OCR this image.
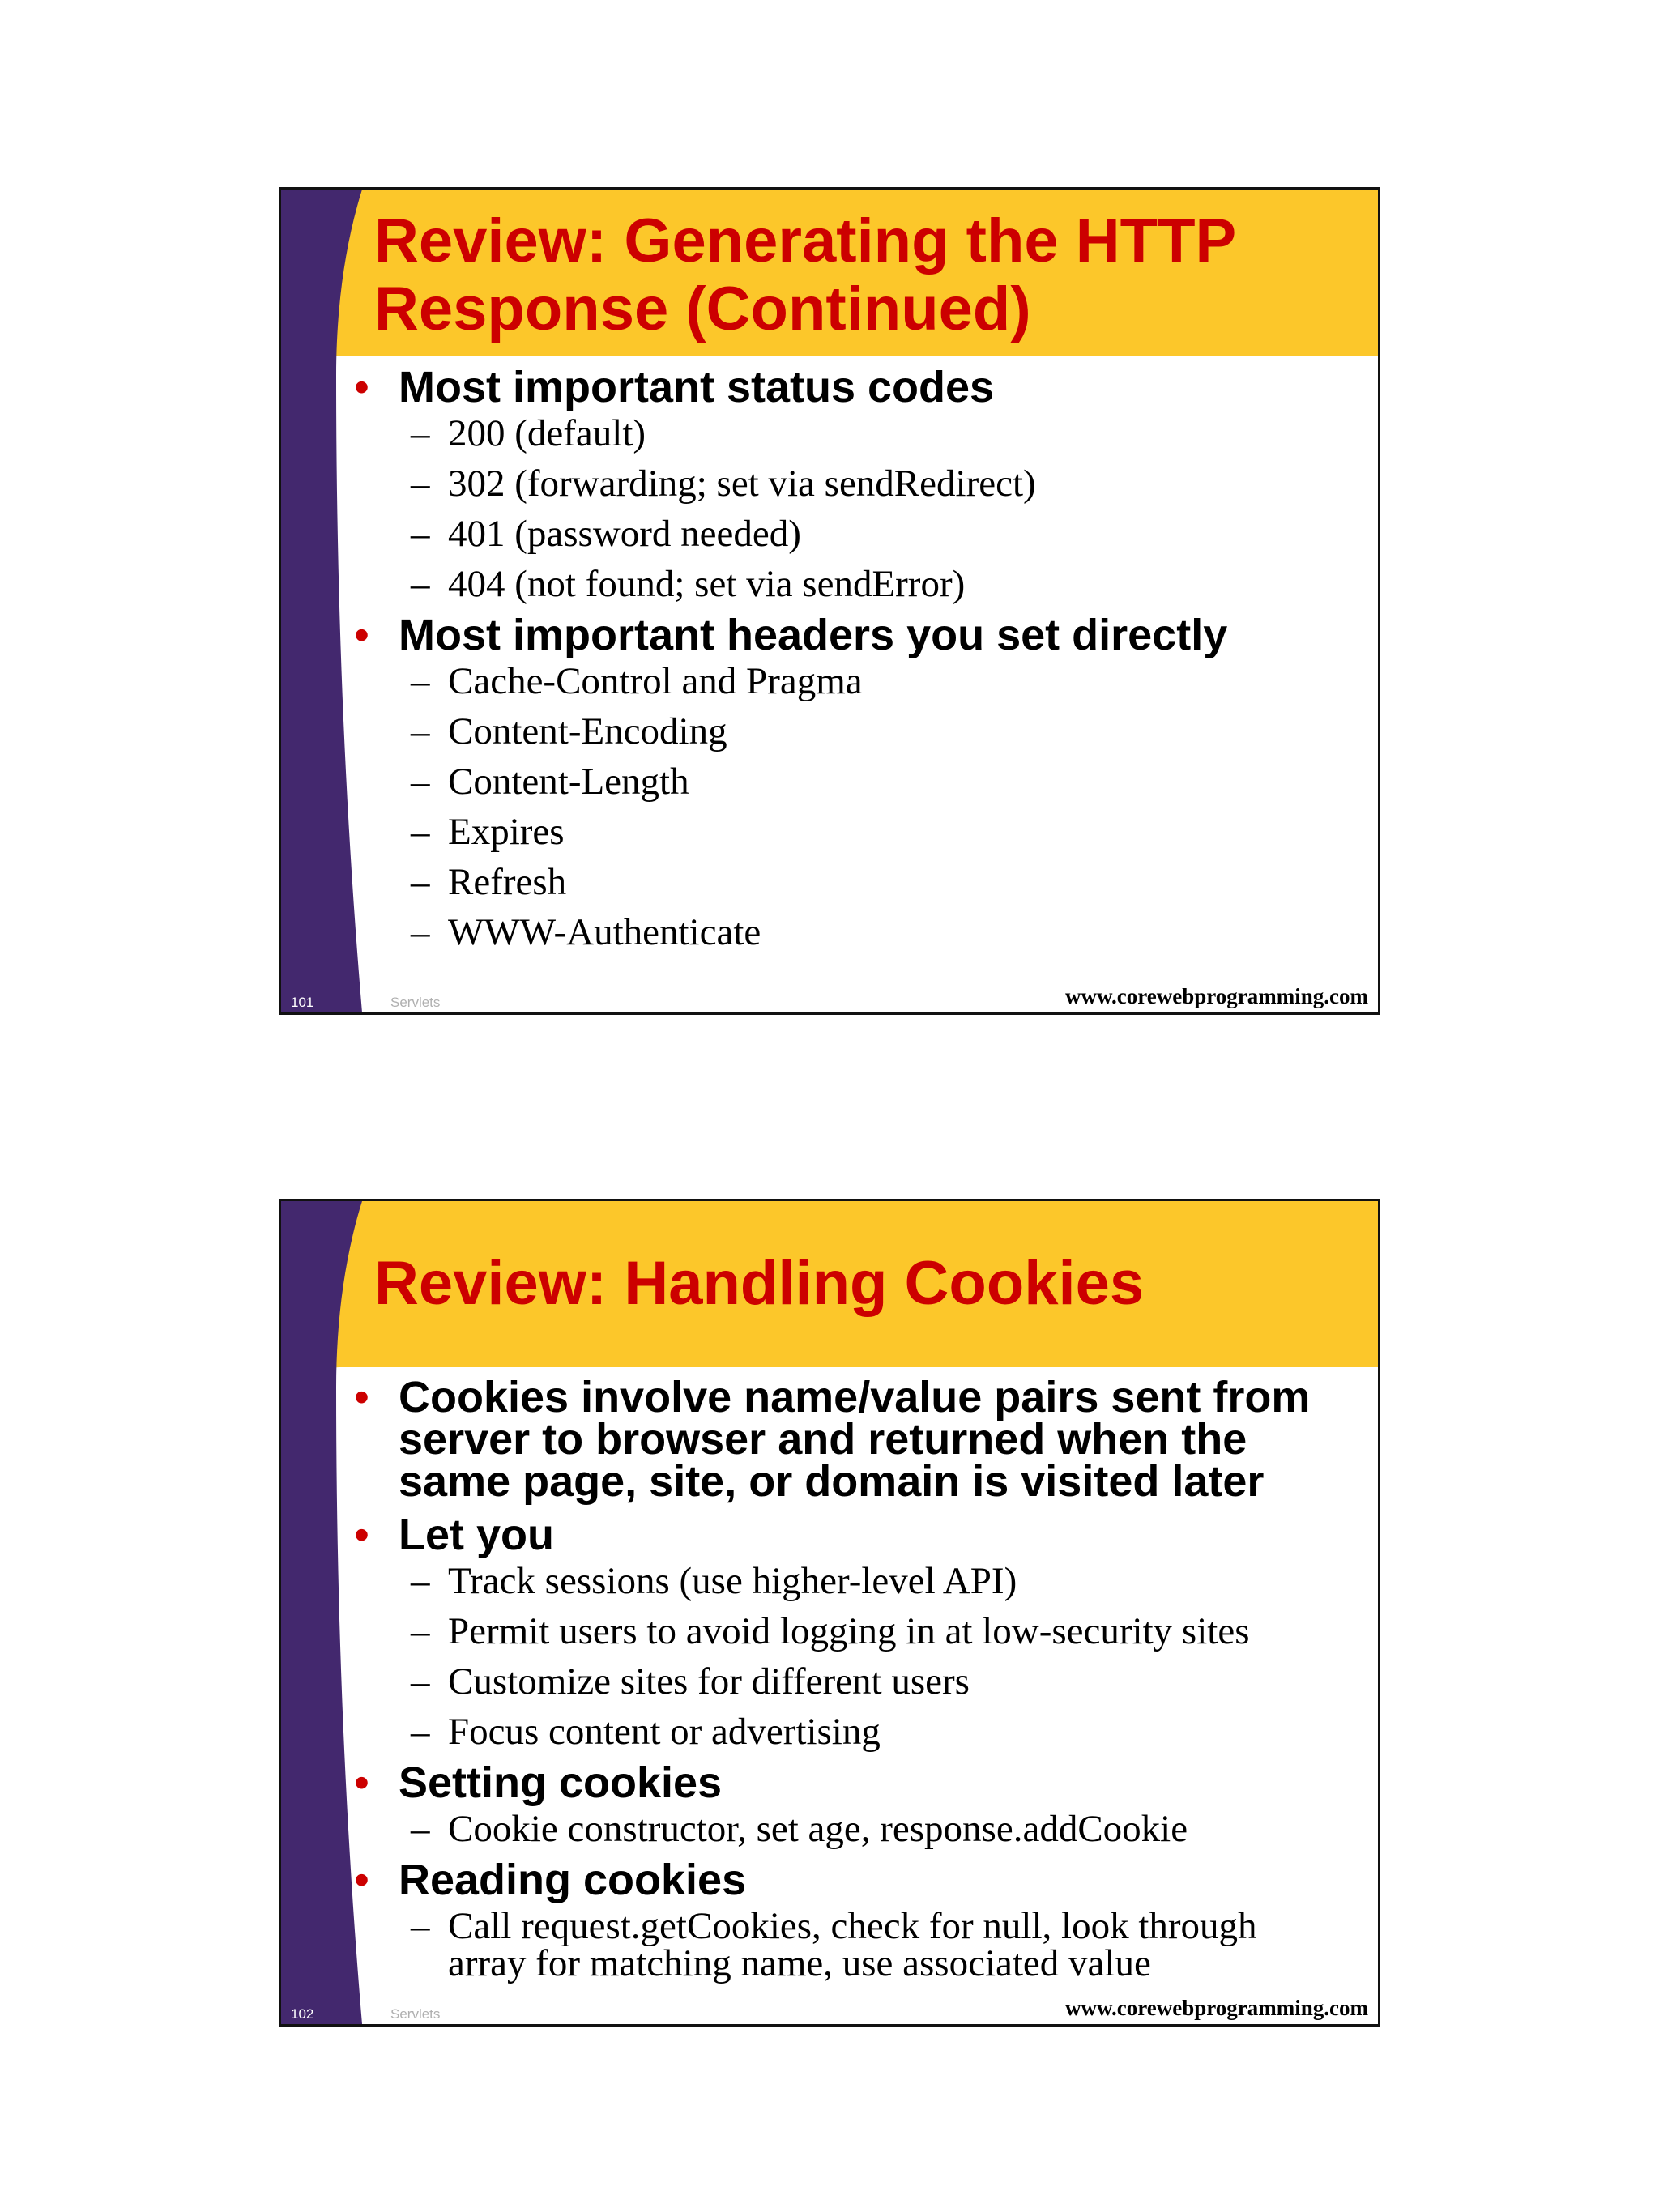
Review: Generating the HTTP
Response (Continued)
• Most important status codes
– 200 (default)
– 302 (forwarding; set via sendRedirect)
– 401 (password needed)
– 404 (not found; set via sendError)
• Most important headers you set directly
– Cache-Control and Pragma
– Content-Encoding
– Content-Length
– Expires
– Refresh
– WWW-Authenticate
101	Servlets	www.corewebprogramming.com
Review: Handling Cookies
• Cookies involve name/value pairs sent from
server to browser and returned when the
same page, site, or domain is visited later
• Let you
– Track sessions (use higher-level API)
– Permit users to avoid logging in at low-security sites
– Customize sites for different users
– Focus content or advertising
• Setting cookies
– Cookie constructor, set age, response.addCookie
• Reading cookies
– Call request.getCookies, check for null, look through
array for matching name, use associated value
102	Servlets	www.corewebprogramming.com
